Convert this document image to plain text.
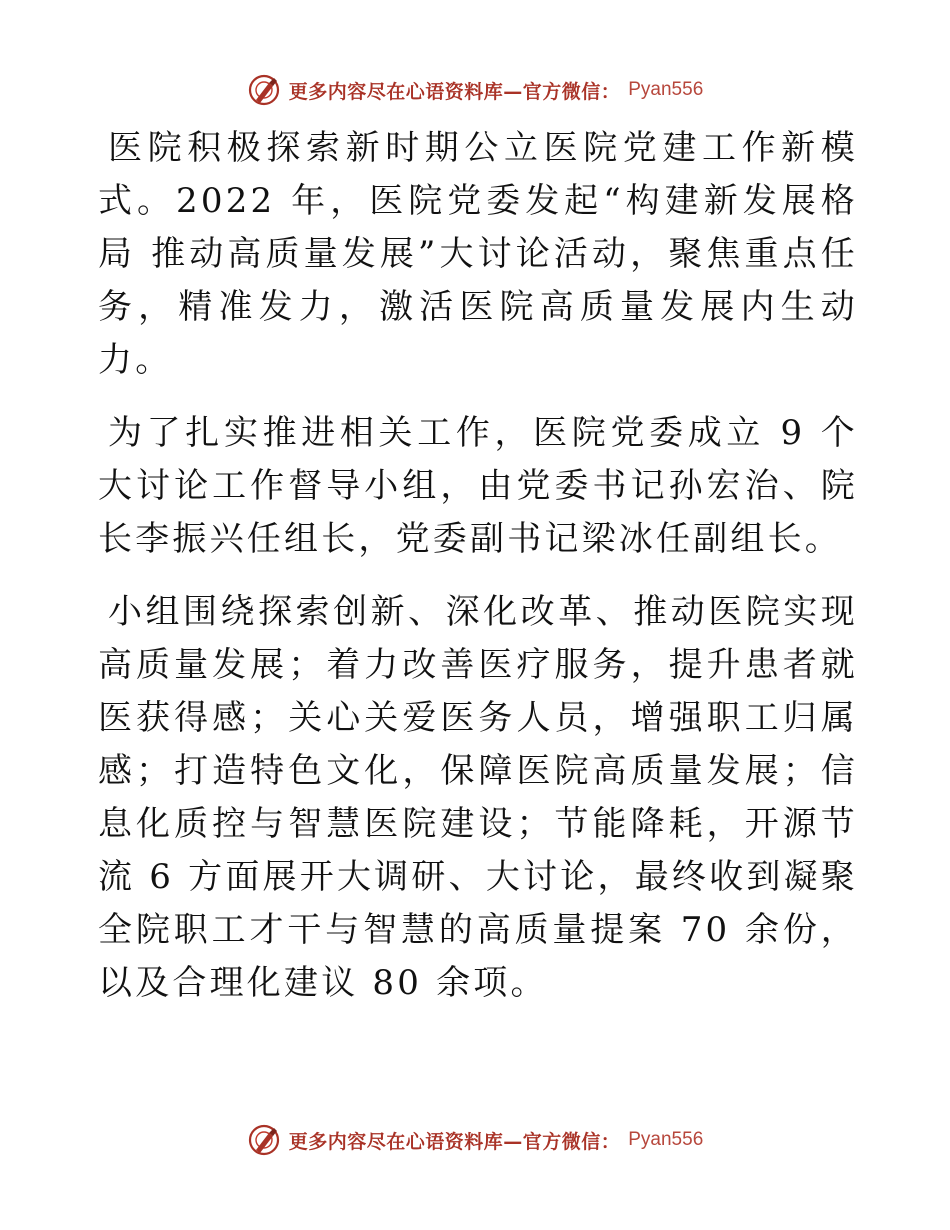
更多内容尽在心语资料库—官方微信： Pyan556

医院积极探索新时期公立医院党建工作新模式。2022 年，医院党委发起“构建新发展格局 推动高质量发展”大讨论活动，聚焦重点任务，精准发力，激活医院高质量发展内生动力。

为了扎实推进相关工作，医院党委成立 9 个大讨论工作督导小组，由党委书记孙宏治、院长李振兴任组长，党委副书记梁冰任副组长。

小组围绕探索创新、深化改革、推动医院实现高质量发展；着力改善医疗服务，提升患者就医获得感；关心关爱医务人员，增强职工归属感；打造特色文化，保障医院高质量发展；信息化质控与智慧医院建设；节能降耗，开源节流 6 方面展开大调研、大讨论，最终收到凝聚全院职工才干与智慧的高质量提案 70 余份，以及合理化建议 80 余项。

更多内容尽在心语资料库—官方微信： Pyan556
